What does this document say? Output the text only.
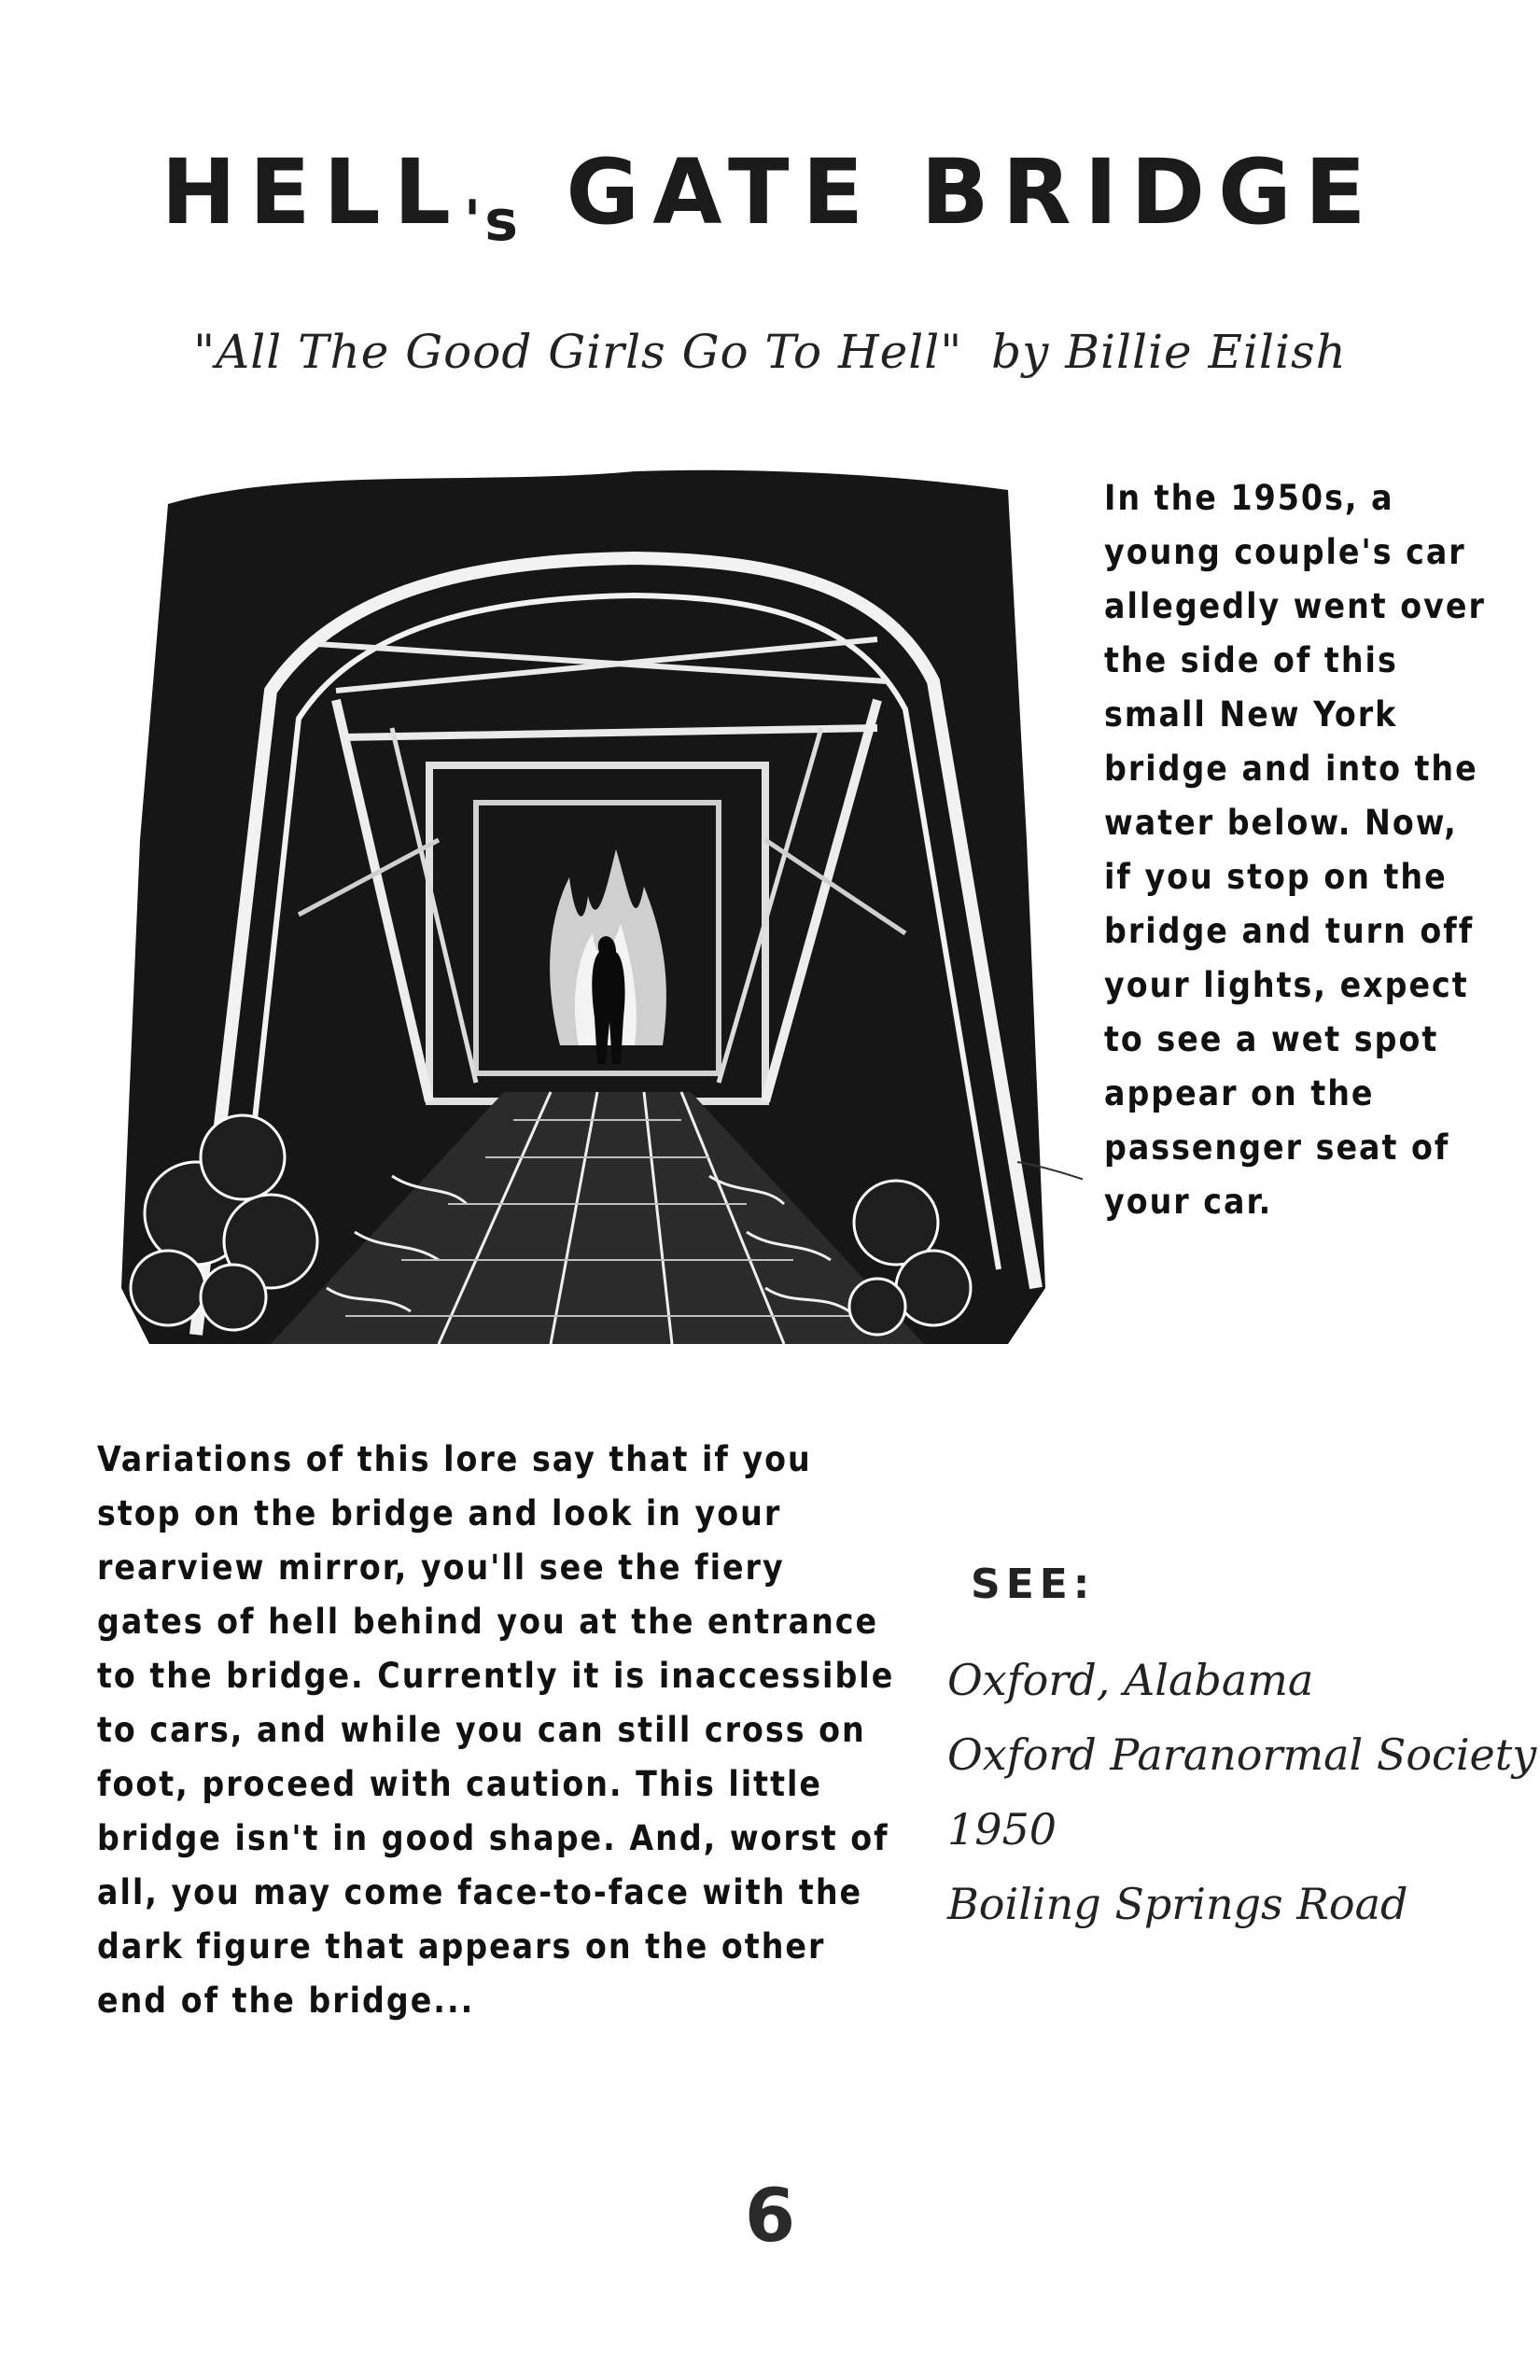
HELL's GATE BRIDGE
"All The Good Girls Go To Hell" by Billie Eilish
In the 1950s, a young couple's car allegedly went over the side of this small New York bridge and into the water below. Now, if you stop on the bridge and turn off your lights, expect to see a wet spot appear on the passenger seat of your car.
Variations of this lore say that if you stop on the bridge and look in your rearview mirror, you'll see the fiery gates of hell behind you at the entrance to the bridge. Currently it is inaccessible to cars, and while you can still cross on foot, proceed with caution. This little bridge isn't in good shape. And, worst of all, you may come face-to-face with the dark figure that appears on the other end of the bridge...
SEE:
Oxford, Alabama
Oxford Paranormal Society
1950
Boiling Springs Road
6
